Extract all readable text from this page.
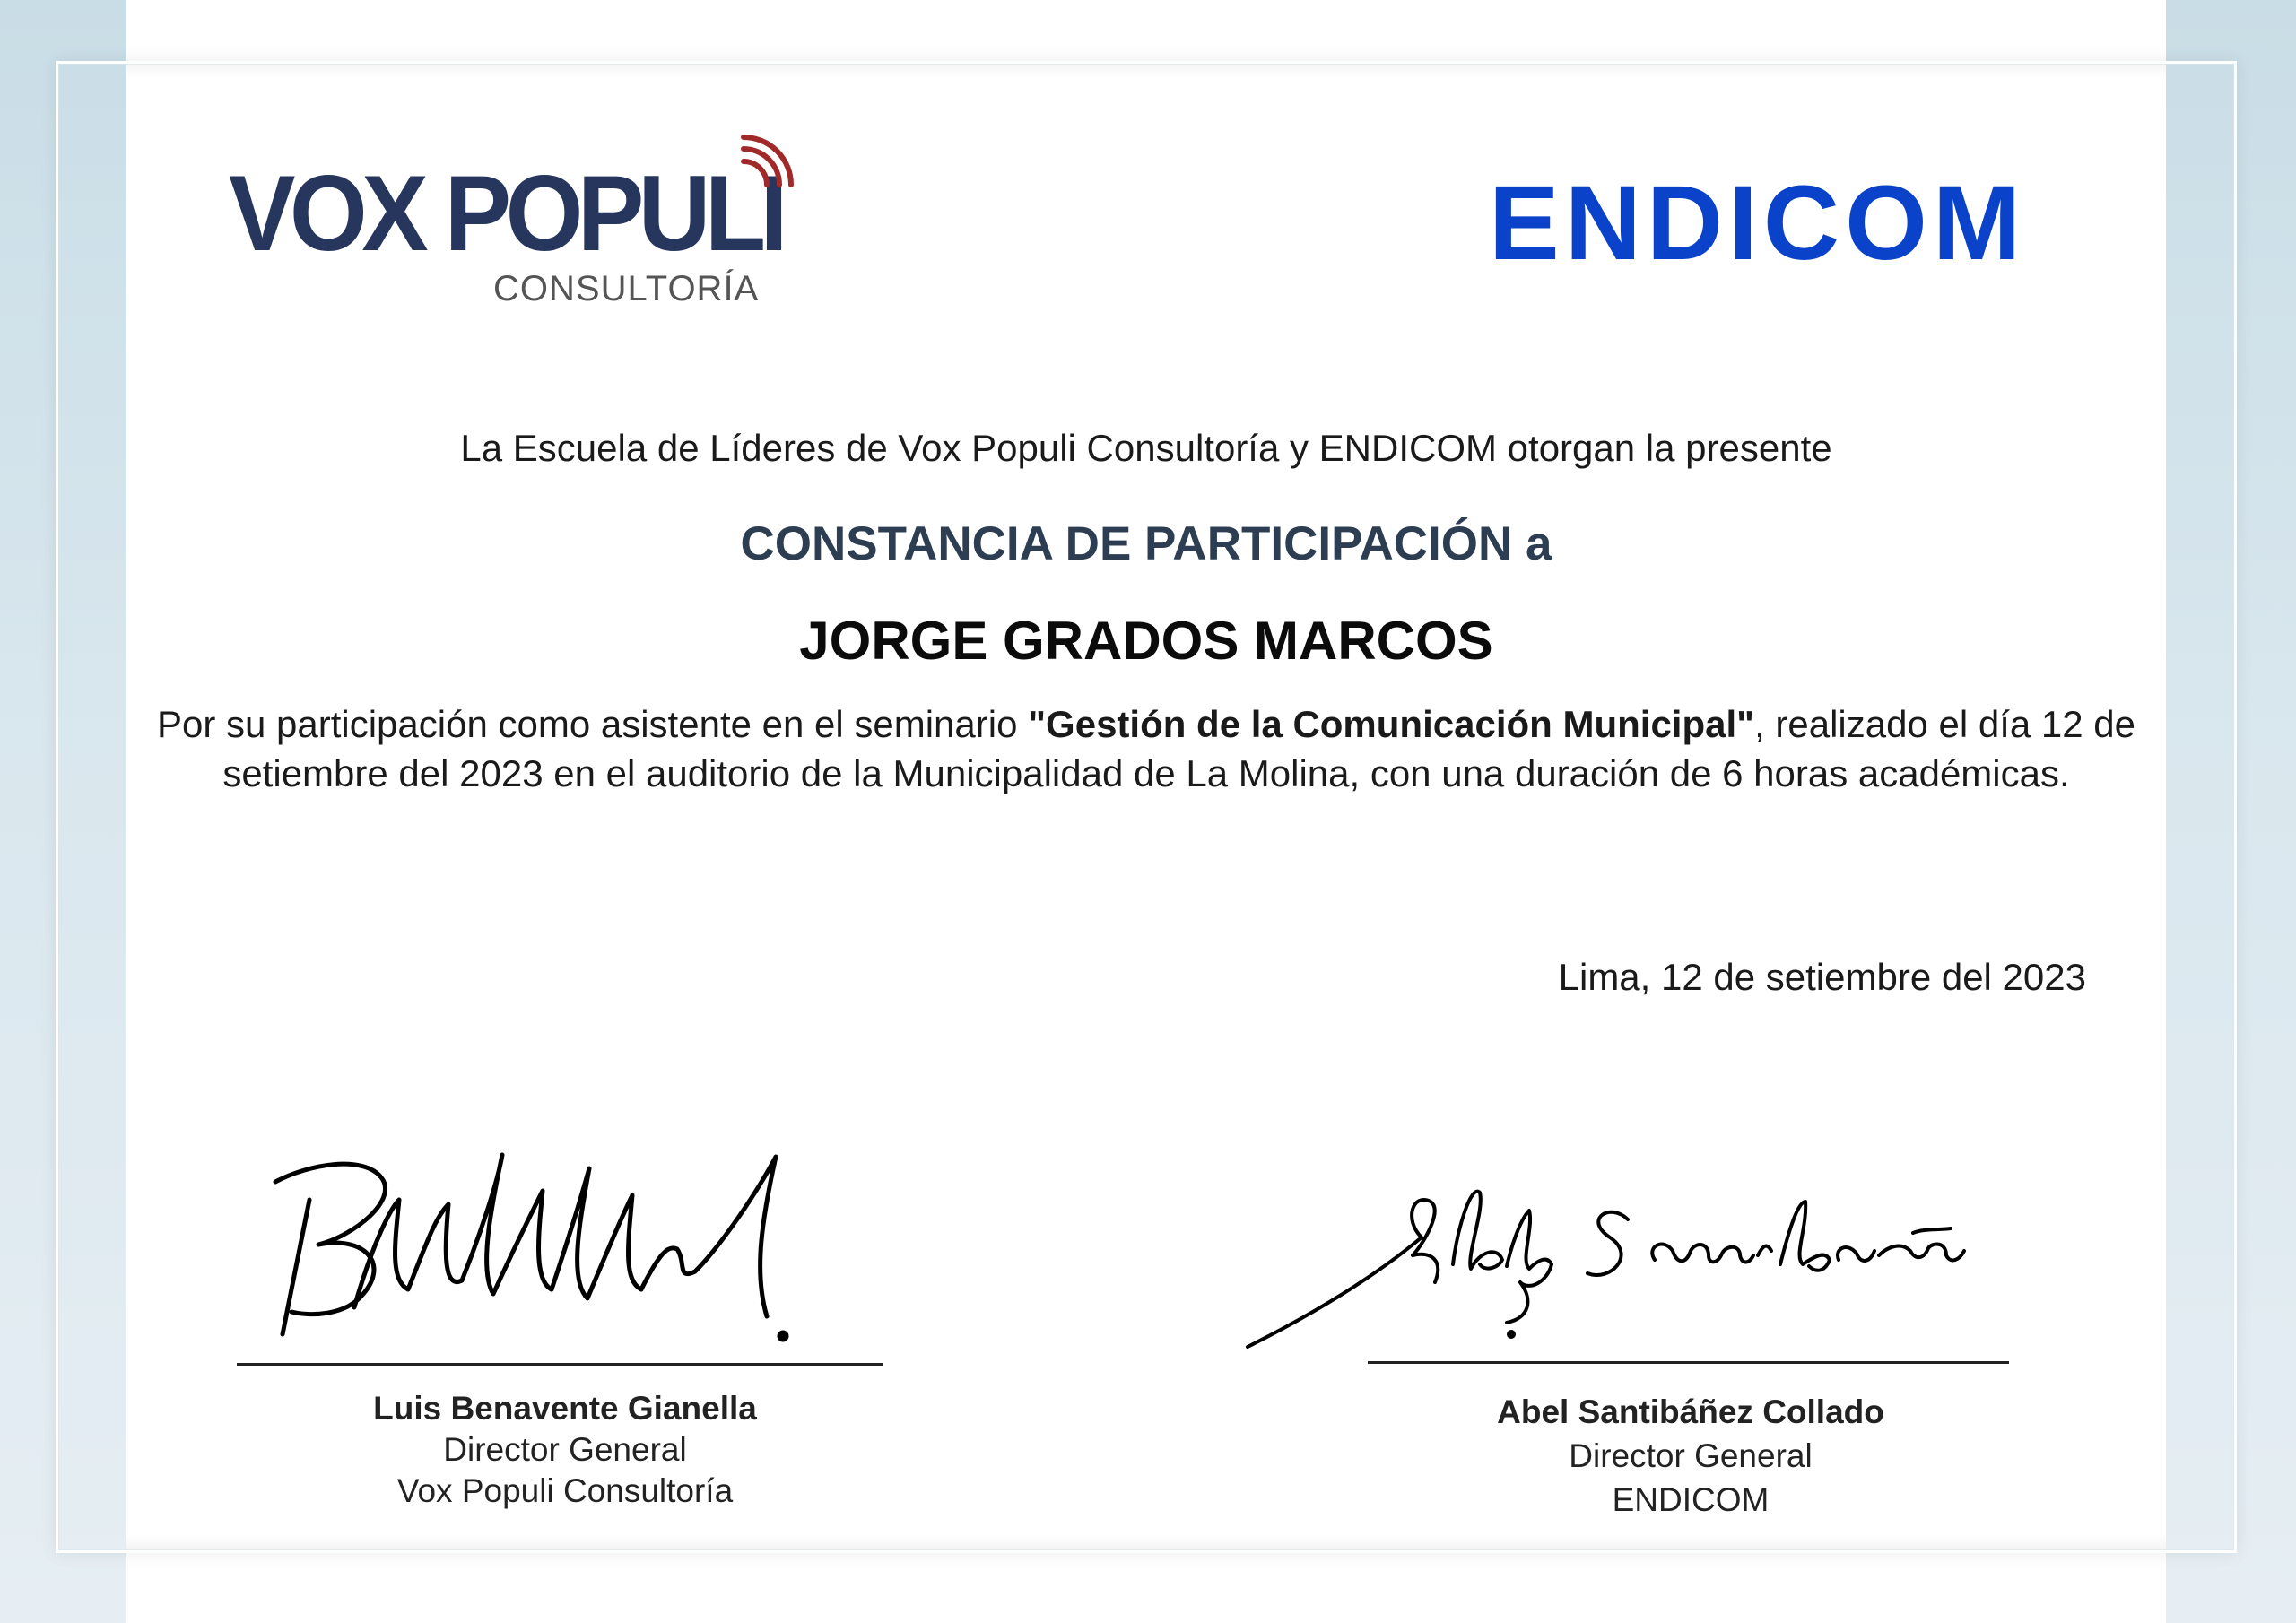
VOX POPULI
CONSULTORÍA
ENDICOM
La Escuela de Líderes de Vox Populi Consultoría y ENDICOM otorgan la presente
CONSTANCIA DE PARTICIPACIÓN a
JORGE GRADOS MARCOS
Por su participación como asistente en el seminario "Gestión de la Comunicación Municipal", realizado el día 12 de setiembre del 2023 en el auditorio de la Municipalidad de La Molina, con una duración de 6 horas académicas.
Lima, 12 de setiembre del 2023
Luis Benavente Gianella
Director General
Vox Populi Consultoría
Abel Santibáñez Collado
Director General
ENDICOM
